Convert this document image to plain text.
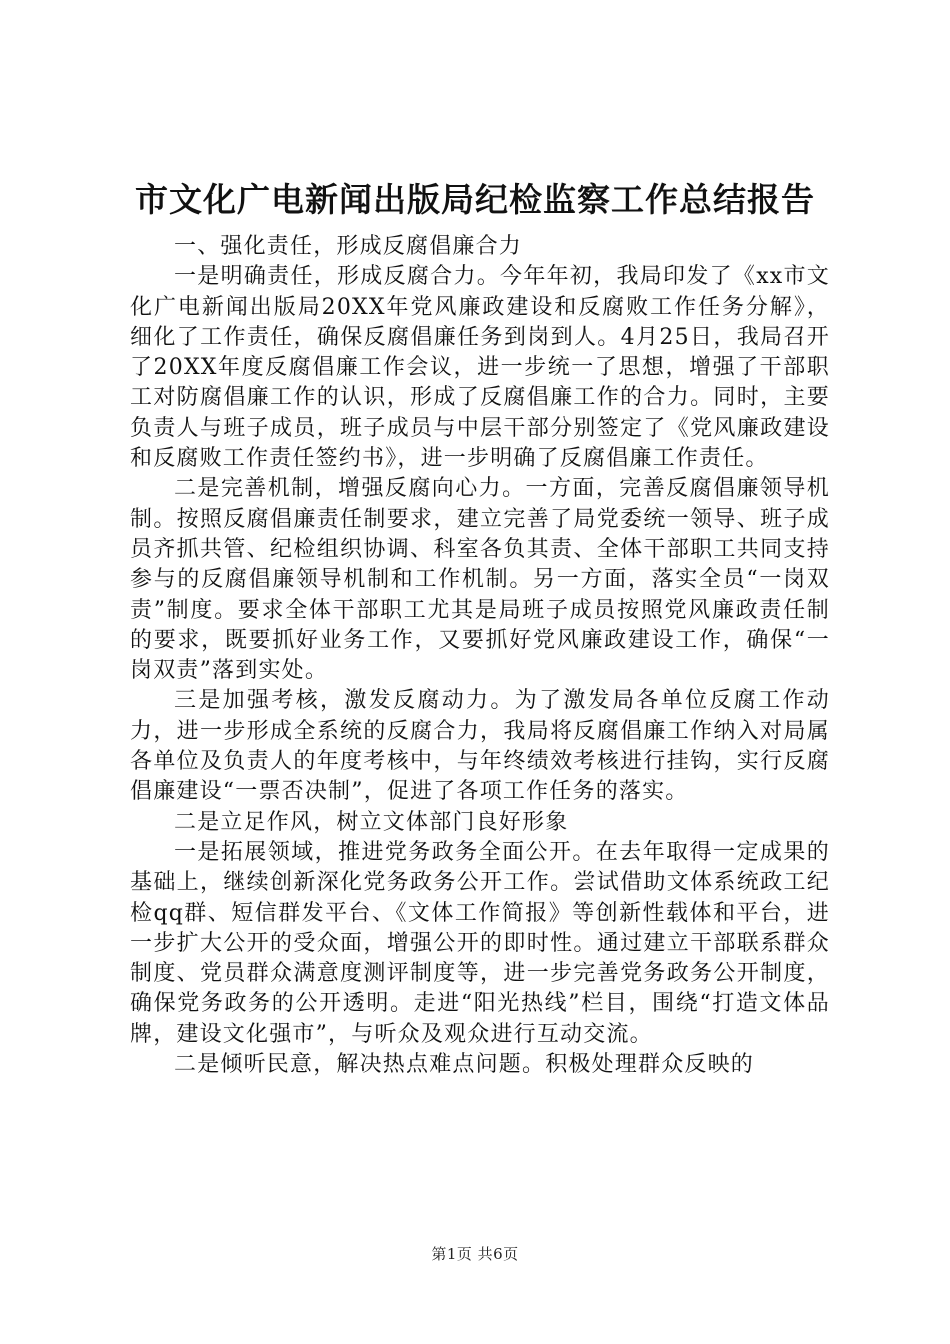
市文化广电新闻出版局纪检监察工作总结报告

一、强化责任，形成反腐倡廉合力

一是明确责任，形成反腐合力。今年年初，我局印发了《xx市文化广电新闻出版局20XX年党风廉政建设和反腐败工作任务分解》，细化了工作责任，确保反腐倡廉任务到岗到人。4月25日，我局召开了20XX年度反腐倡廉工作会议，进一步统一了思想，增强了干部职工对防腐倡廉工作的认识，形成了反腐倡廉工作的合力。同时，主要负责人与班子成员，班子成员与中层干部分别签定了《党风廉政建设和反腐败工作责任签约书》，进一步明确了反腐倡廉工作责任。

二是完善机制，增强反腐向心力。一方面，完善反腐倡廉领导机制。按照反腐倡廉责任制要求，建立完善了局党委统一领导、班子成员齐抓共管、纪检组织协调、科室各负其责、全体干部职工共同支持参与的反腐倡廉领导机制和工作机制。另一方面，落实全员“一岗双责”制度。要求全体干部职工尤其是局班子成员按照党风廉政责任制的要求，既要抓好业务工作，又要抓好党风廉政建设工作，确保“一岗双责”落到实处。

三是加强考核，激发反腐动力。为了激发局各单位反腐工作动力，进一步形成全系统的反腐合力，我局将反腐倡廉工作纳入对局属各单位及负责人的年度考核中，与年终绩效考核进行挂钩，实行反腐倡廉建设“一票否决制”，促进了各项工作任务的落实。

二是立足作风，树立文体部门良好形象

一是拓展领域，推进党务政务全面公开。在去年取得一定成果的基础上，继续创新深化党务政务公开工作。尝试借助文体系统政工纪检qq群、短信群发平台、《文体工作简报》等创新性载体和平台，进一步扩大公开的受众面，增强公开的即时性。通过建立干部联系群众制度、党员群众满意度测评制度等，进一步完善党务政务公开制度，确保党务政务的公开透明。走进“阳光热线”栏目，围绕“打造文体品牌，建设文化强市”，与听众及观众进行互动交流。

二是倾听民意，解决热点难点问题。积极处理群众反映的

第1页 共6页
